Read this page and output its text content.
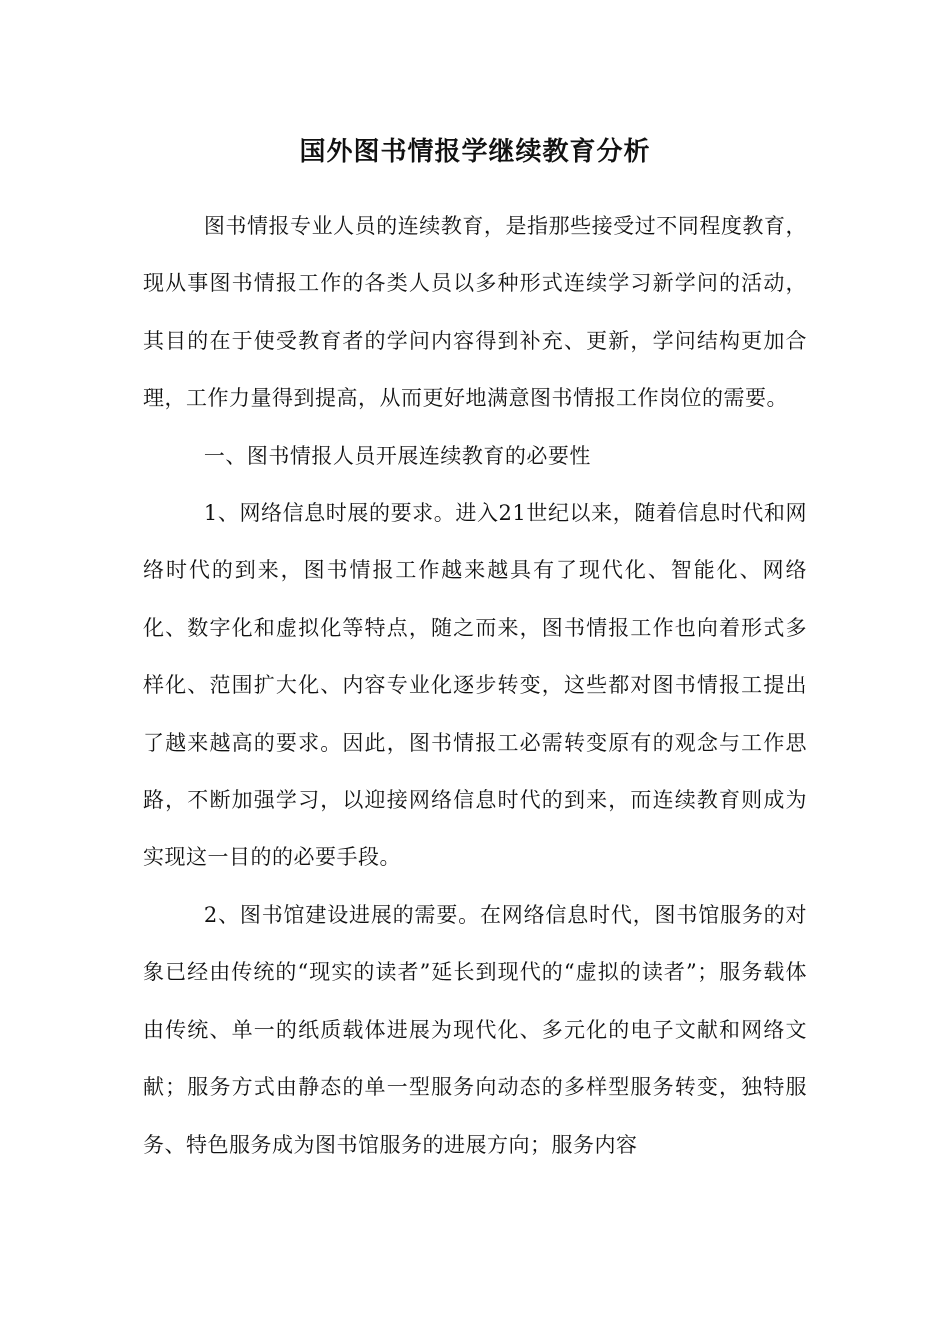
国外图书情报学继续教育分析

图书情报专业人员的连续教育，是指那些接受过不同程度教育，现从事图书情报工作的各类人员以多种形式连续学习新学问的活动，其目的在于使受教育者的学问内容得到补充、更新，学问结构更加合理，工作力量得到提高，从而更好地满意图书情报工作岗位的需要。

一、图书情报人员开展连续教育的必要性

1、网络信息时展的要求。进入21世纪以来，随着信息时代和网络时代的到来，图书情报工作越来越具有了现代化、智能化、网络化、数字化和虚拟化等特点，随之而来，图书情报工作也向着形式多样化、范围扩大化、内容专业化逐步转变，这些都对图书情报工提出了越来越高的要求。因此，图书情报工必需转变原有的观念与工作思路，不断加强学习，以迎接网络信息时代的到来，而连续教育则成为实现这一目的的必要手段。

2、图书馆建设进展的需要。在网络信息时代，图书馆服务的对象已经由传统的“现实的读者”延长到现代的“虚拟的读者”；服务载体由传统、单一的纸质载体进展为现代化、多元化的电子文献和网络文献；服务方式由静态的单一型服务向动态的多样型服务转变，独特服务、特色服务成为图书馆服务的进展方向；服务内容
